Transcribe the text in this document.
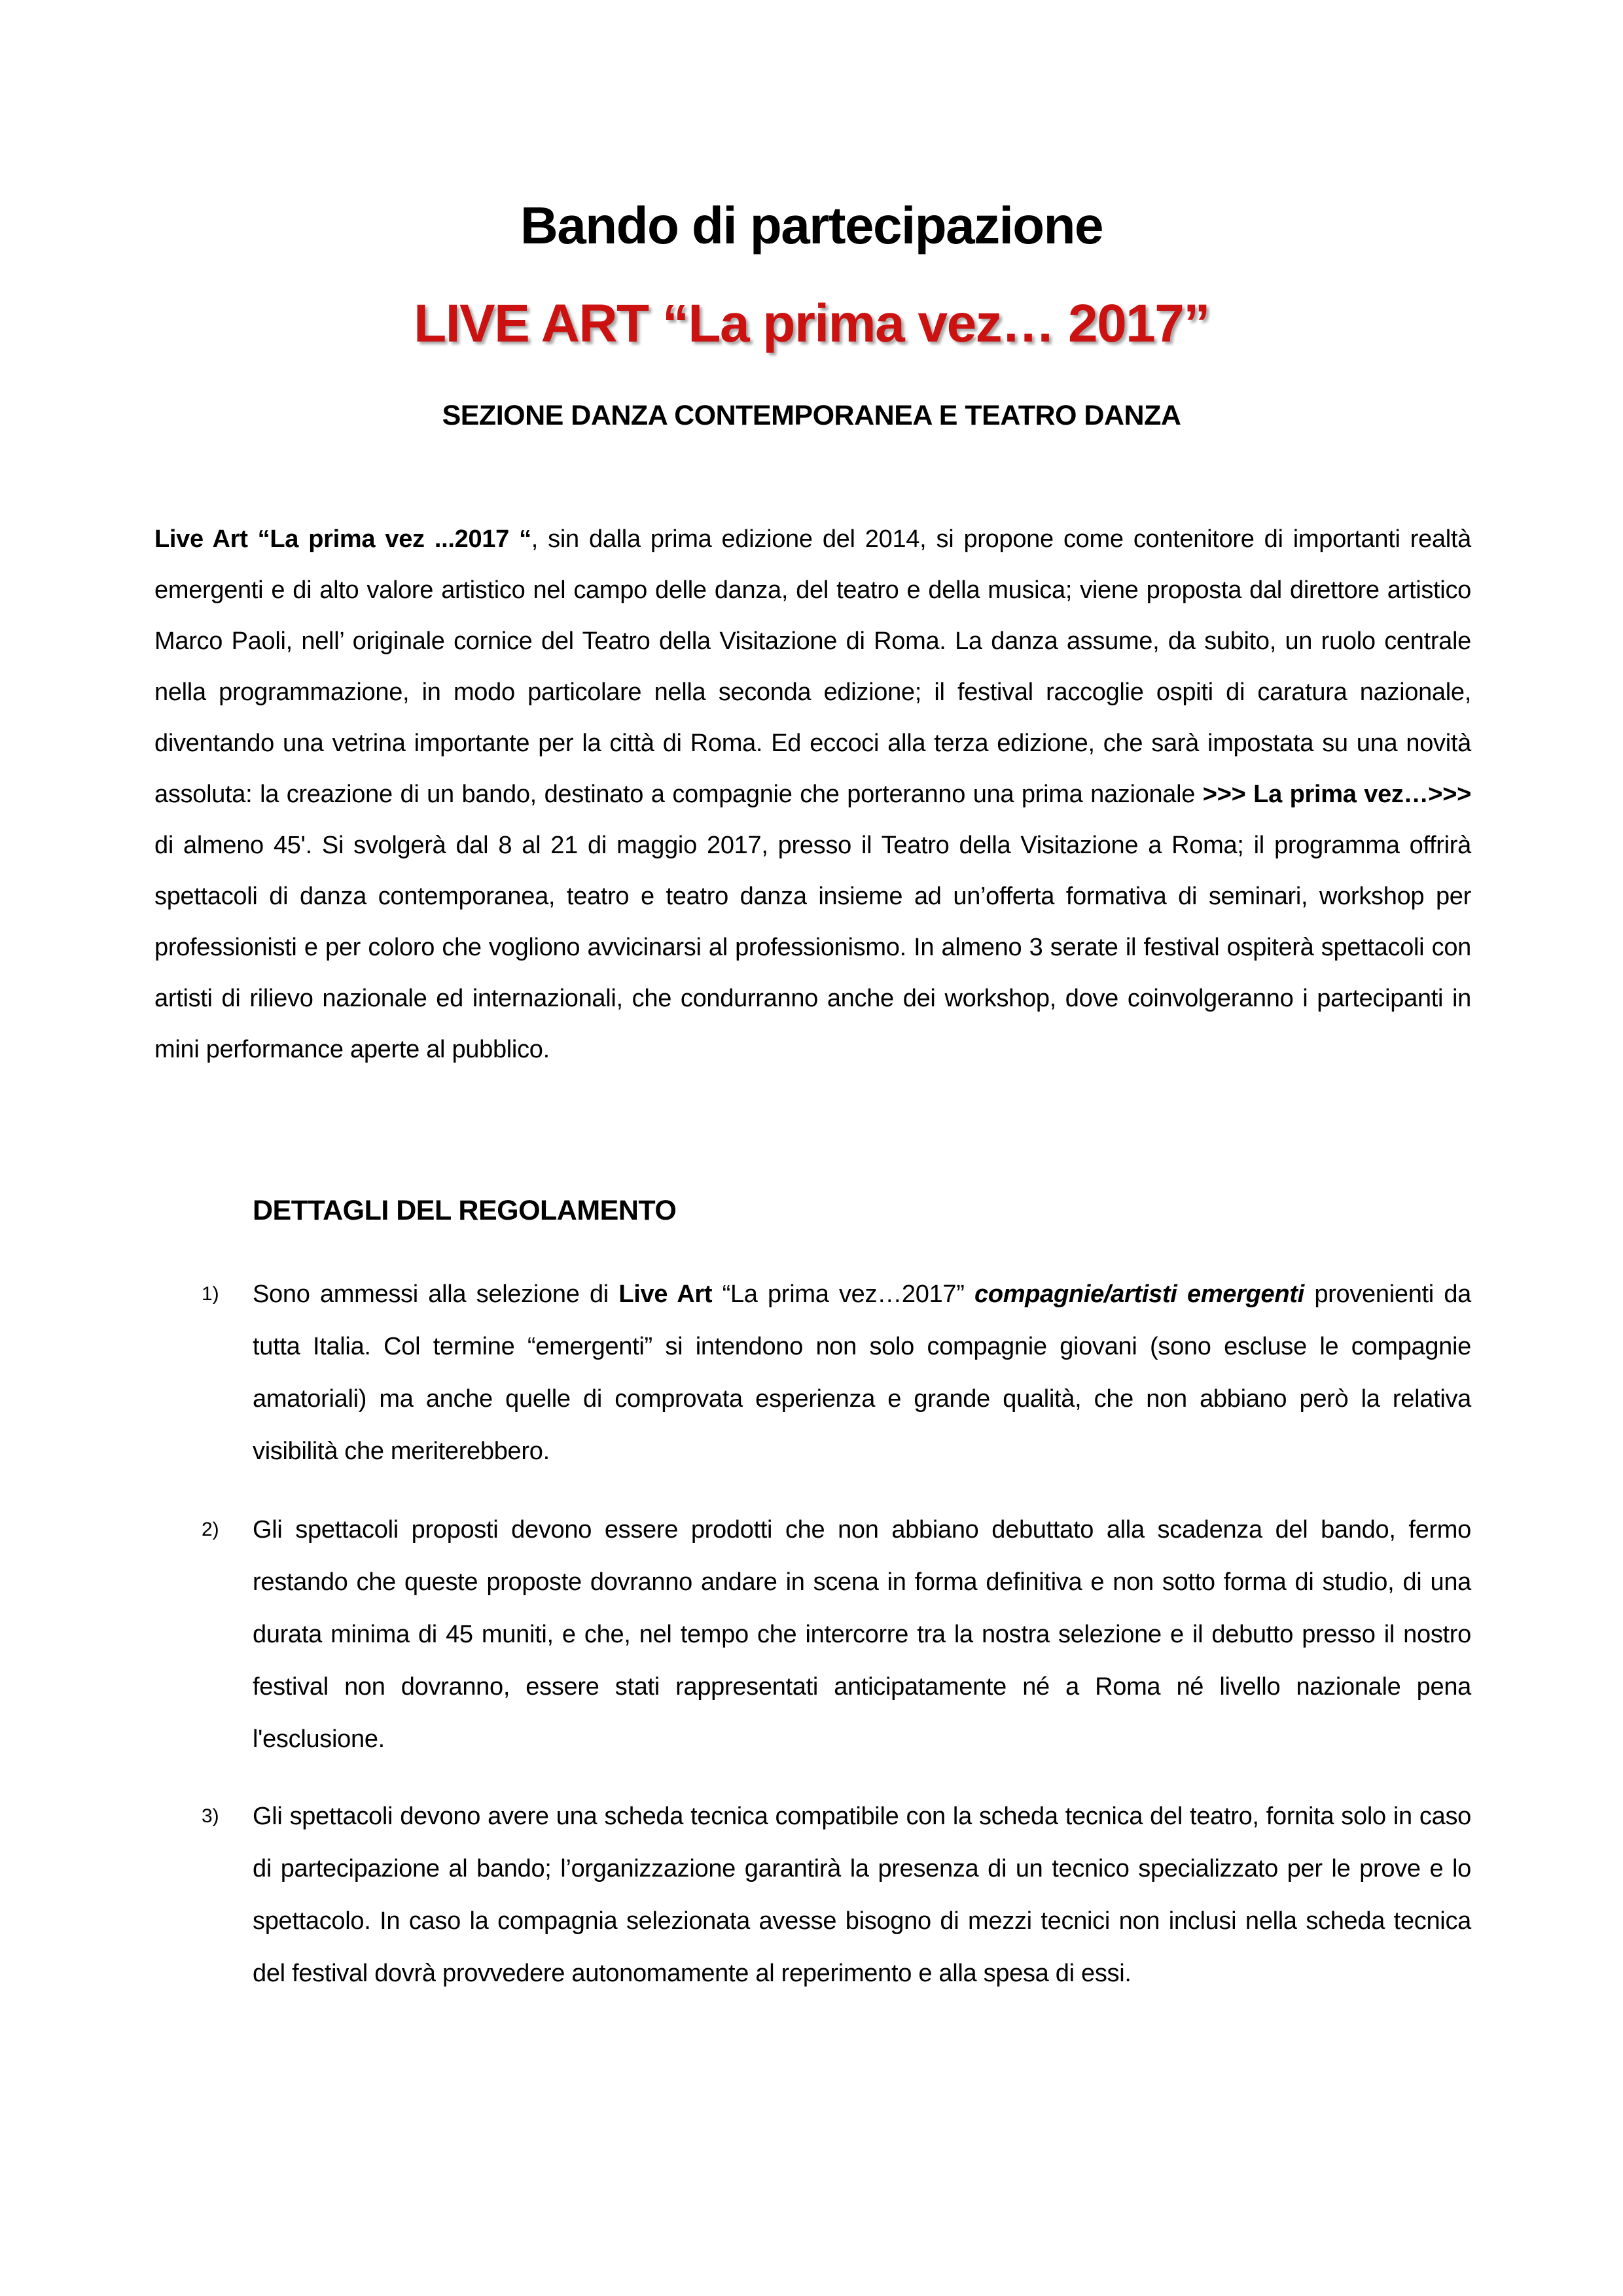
Bando di partecipazione
LIVE ART “La prima vez… 2017”
SEZIONE DANZA CONTEMPORANEA E TEATRO DANZA
Live Art “La prima vez ...2017 “, sin dalla prima edizione del 2014, si propone come contenitore di importanti realtà emergenti e di alto valore artistico nel campo delle danza, del teatro e della musica; viene proposta dal direttore artistico Marco Paoli, nell’ originale cornice del Teatro della Visitazione di Roma. La danza assume, da subito, un ruolo centrale nella programmazione, in modo particolare nella seconda edizione; il festival raccoglie ospiti di caratura nazionale, diventando una vetrina importante per la città di Roma. Ed eccoci alla terza edizione, che sarà impostata su una novità assoluta: la creazione di un bando, destinato a compagnie che porteranno una prima nazionale >>> La prima vez…>>> di almeno 45'. Si svolgerà dal 8 al 21 di maggio 2017, presso il Teatro della Visitazione a Roma; il programma offrirà spettacoli di danza contemporanea, teatro e teatro danza insieme ad un’offerta formativa di seminari, workshop per professionisti e per coloro che vogliono avvicinarsi al professionismo. In almeno 3 serate il festival ospiterà spettacoli con artisti di rilievo nazionale ed internazionali, che condurranno anche dei workshop, dove coinvolgeranno i partecipanti in mini performance aperte al pubblico.
DETTAGLI DEL REGOLAMENTO
1) Sono ammessi alla selezione di Live Art “La prima vez…2017” compagnie/artisti emergenti provenienti da tutta Italia. Col termine “emergenti” si intendono non solo compagnie giovani (sono escluse le compagnie amatoriali) ma anche quelle di comprovata esperienza e grande qualità, che non abbiano però la relativa visibilità che meriterebbero.
2) Gli spettacoli proposti devono essere prodotti che non abbiano debuttato alla scadenza del bando, fermo restando che queste proposte dovranno andare in scena in forma definitiva e non sotto forma di studio, di una durata minima di 45 muniti, e che, nel tempo che intercorre tra la nostra selezione e il debutto presso il nostro festival non dovranno, essere stati rappresentati anticipatamente né a Roma né livello nazionale pena l'esclusione.
3) Gli spettacoli devono avere una scheda tecnica compatibile con la scheda tecnica del teatro, fornita solo in caso di partecipazione al bando; l’organizzazione garantirà la presenza di un tecnico specializzato per le prove e lo spettacolo. In caso la compagnia selezionata avesse bisogno di mezzi tecnici non inclusi nella scheda tecnica del festival dovrà provvedere autonomamente al reperimento e alla spesa di essi.
